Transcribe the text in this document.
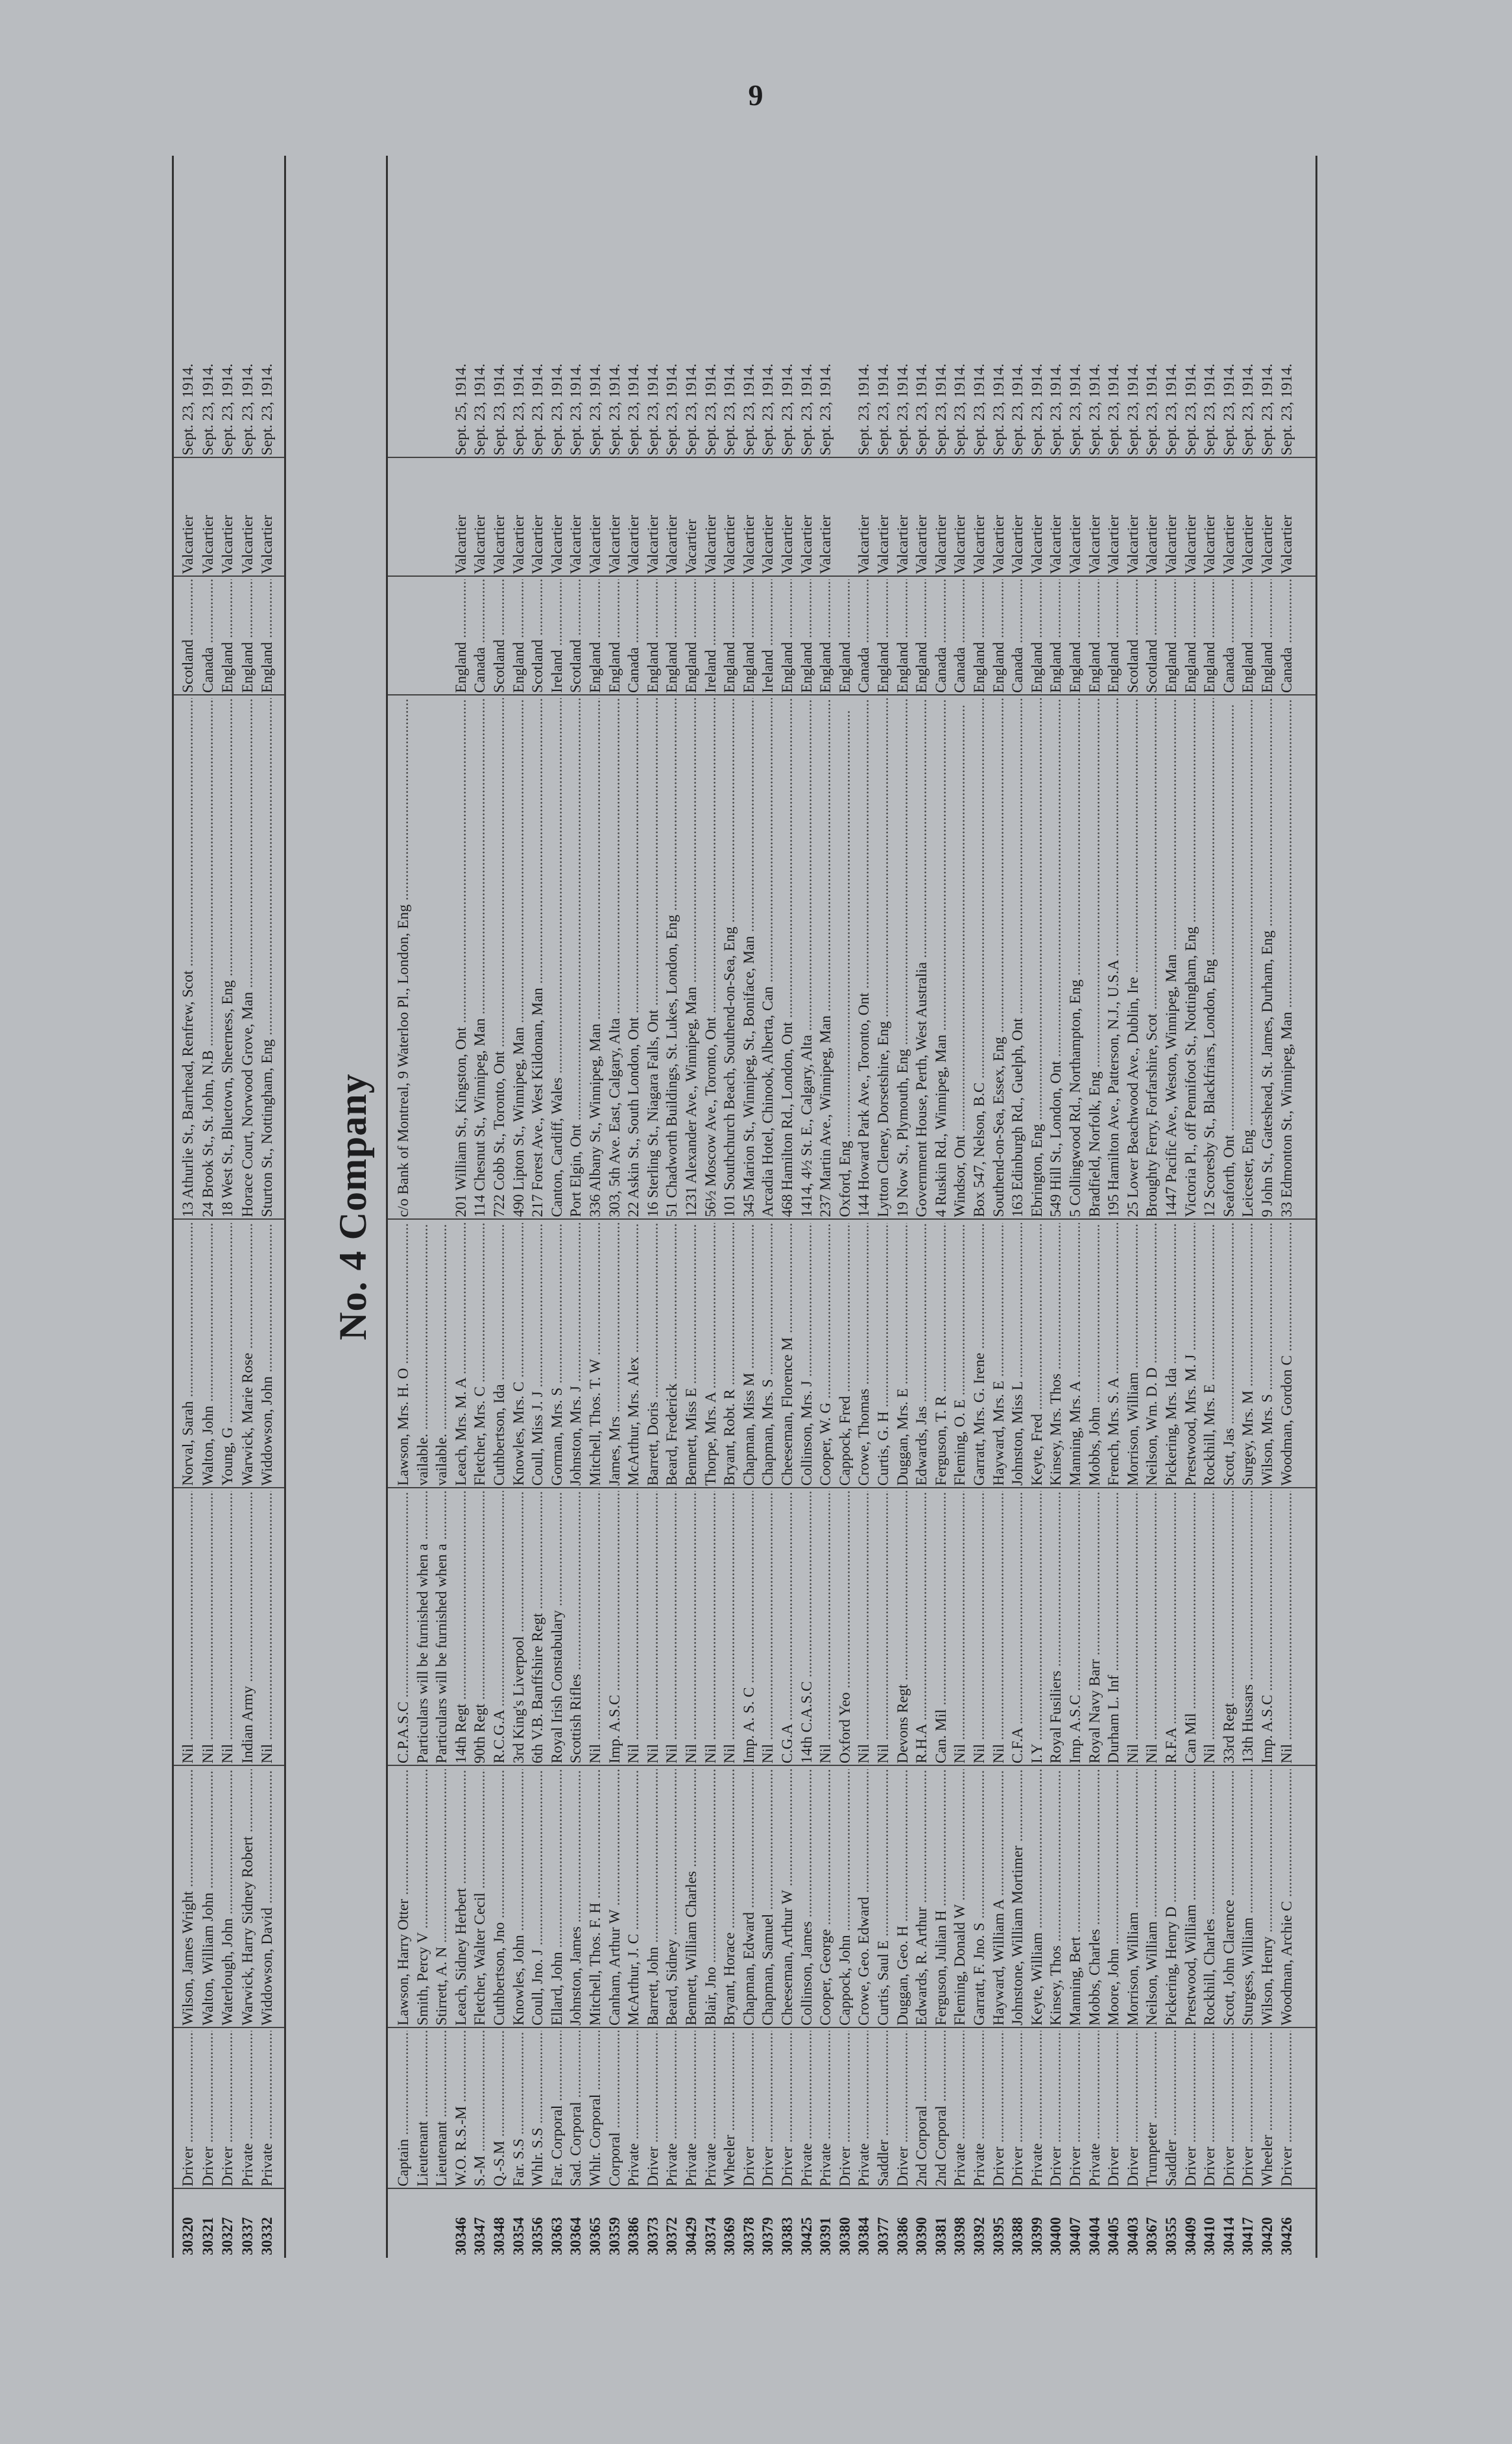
9
30320
Driver .....
Wilson, James Wright .....
Nil .....
Norval, Sarah .....
13 Athurlie St., Barrhead, Renfrew, Scot .....
Scotland .....
Valcartier
Sept. 23, 1914.
30321
Driver .....
Walton, William John .....
Nil .....
Walton, John .....
24 Brook St., St. John, N.B .....
Canada .....
Valcartier
Sept. 23, 1914.
30327
Driver .....
Waterlough, John .....
Nil .....
Young, G .....
18 West St., Bluetown, Sheerness, Eng .....
England .....
Valcartier
Sept. 23, 1914.
30337
Private .....
Warwick, Harry Sidney Robert .....
Indian Army .....
Warwick, Marie Rose .....
Horace Court, Norwood Grove, Man .....
England .....
Valcartier
Sept. 23, 1914.
30332
Private .....
Widdowson, David .....
Nil .....
Widdowson, John .....
Sturton St., Nottingham, Eng .....
England .....
Valcartier
Sept. 23, 1914.
No. 4 Company
Captain .....
Lawson, Harry Otter .....
C.P.A.S.C .....
Lawson, Mrs. H. O .....
c/o Bank of Montreal, 9 Waterloo Pl., London, Eng .....
Lieutenant .....
Smith, Percy V .....
Particulars will be furnished when a .....
vailable. .....
Lieutenant .....
Stirrett, A. N .....
Particulars will be furnished when a .....
vailable. .....
30346
W.O. R.S.-M .....
Leach, Sidney Herbert .....
14th Regt .....
Leach, Mrs. M. A .....
201 William St., Kingston, Ont .....
England .....
Valcartier
Sept. 25, 1914.
30347
S.-M .....
Fletcher, Walter Cecil .....
90th Regt .....
Fletcher, Mrs. C .....
114 Chesnut St., Winnipeg, Man .....
Canada .....
Valcartier
Sept. 23, 1914.
30348
Q.-S.M .....
Cuthbertson, Jno .....
R.C.G.A .....
Cuthbertson, Ida .....
722 Cobb St., Toronto, Ont .....
Scotland .....
Valcartier
Sept. 23, 1914.
30354
Far. S.S .....
Knowles, John .....
3rd King's Liverpool .....
Knowles, Mrs. C .....
490 Lipton St., Winnipeg, Man .....
England .....
Valcartier
Sept. 23, 1914.
30356
Whlr. S.S .....
Coull, Jno. J .....
6th V.B. Banffshire Regt .....
Coull, Miss J. J .....
217 Forest Ave., West Kildonan, Man .....
Scotland .....
Valcartier
Sept. 23, 1914.
30363
Far. Corporal .....
Ellard, John .....
Royal Irish Constabulary .....
Gorman, Mrs. S .....
Canton, Cardiff, Wales .....
Ireland .....
Valcartier
Sept. 23, 1914.
30364
Sad. Corporal .....
Johnston, James .....
Scottish Rifles .....
Johnston, Mrs. J .....
Port Elgin, Ont .....
Scotland .....
Valcartier
Sept. 23, 1914.
30365
Whlr. Corporal .....
Mitchell, Thos. F. H .....
Nil .....
Mitchell, Thos. T. W .....
336 Albany St., Winnipeg, Man .....
England .....
Valcartier
Sept. 23, 1914.
30359
Corporal .....
Canham, Arthur W .....
Imp. A.S.C .....
James, Mrs .....
303, 5th Ave. East, Calgary, Alta .....
England .....
Valcartier
Sept. 23, 1914.
30386
Private .....
McArthur, J. C .....
Nil .....
McArthur, Mrs. Alex .....
22 Askin St., South London, Ont .....
Canada .....
Valcartier
Sept. 23, 1914.
30373
Driver .....
Barrett, John .....
Nil .....
Barrett, Doris .....
16 Sterling St., Niagara Falls, Ont .....
England .....
Valcartier
Sept. 23, 1914.
30372
Private .....
Beard, Sidney .....
Nil .....
Beard, Frederick .....
51 Chadworth Buildings, St. Lukes, London, Eng .....
England .....
Valcartier
Sept. 23, 1914.
30429
Private .....
Bennett, William Charles .....
Nil .....
Bennett, Miss E .....
1231 Alexander Ave., Winnipeg, Man .....
England .....
Vacartier
Sept. 23, 1914.
30374
Private .....
Blair, Jno .....
Nil .....
Thorpe, Mrs. A .....
56½ Moscow Ave., Toronto, Ont .....
Ireland .....
Valcartier
Sept. 23, 1914.
30369
Wheeler .....
Bryant, Horace .....
Nil .....
Bryant, Robt. R .....
101 Southchurch Beach, Southend-on-Sea, Eng .....
England .....
Valcartier
Sept. 23, 1914.
30378
Driver .....
Chapman, Edward .....
Imp. A. S. C .....
Chapman, Miss M .....
345 Marion St., Winnipeg, St., Boniface, Man .....
England .....
Valcartier
Sept. 23, 1914.
30379
Driver .....
Chapman, Samuel .....
Nil .....
Chapman, Mrs. S .....
Arcadia Hotel, Chinook, Alberta, Can .....
Ireland .....
Valcartier
Sept. 23, 1914.
30383
Driver .....
Cheeseman, Arthur W .....
C.G.A .....
Cheeseman, Florence M .....
468 Hamilton Rd., London, Ont .....
England .....
Valcartier
Sept. 23, 1914.
30425
Private .....
Collinson, James .....
14th C.A.S.C .....
Collinson, Mrs. J .....
1414, 4½ St. E., Calgary, Alta .....
England .....
Valcartier
Sept. 23, 1914.
30391
Private .....
Cooper, George .....
Nil .....
Cooper, W. G .....
237 Martin Ave., Winnipeg, Man .....
England .....
Valcartier
Sept. 23, 1914.
30380
Driver .....
Cappock, John .....
Oxford Yeo .....
Cappock, Fred .....
Oxford, Eng .....
England .....
30384
Private .....
Crowe, Geo. Edward .....
Nil .....
Crowe, Thomas .....
144 Howard Park Ave., Toronto, Ont .....
Canada .....
Valcartier
Sept. 23, 1914.
30377
Saddler .....
Curtis, Saul E .....
Nil .....
Curtis, G. H .....
Lytton Cleney, Dorsetshire, Eng .....
England .....
Valcartier
Sept. 23, 1914.
30386
Driver .....
Duggan, Geo. H .....
Devons Regt .....
Duggan, Mrs. E .....
19 Now St., Plymouth, Eng .....
England .....
Valcartier
Sept. 23, 1914.
30390
2nd Corporal .....
Edwards, R. Arthur .....
R.H.A .....
Edwards, Jas .....
Government House, Perth, West Australia .....
England .....
Valcartier
Sept. 23, 1914.
30381
2nd Corporal .....
Ferguson, Julian H .....
Can. Mil .....
Ferguson, T. R .....
4 Ruskin Rd., Winnipeg, Man .....
Canada .....
Valcartier
Sept. 23, 1914.
30398
Private .....
Fleming, Donald W .....
Nil .....
Fleming, O. E .....
Windsor, Ont .....
Canada .....
Valcartier
Sept. 23, 1914.
30392
Private .....
Garratt, F. Jno. S .....
Nil .....
Garratt, Mrs. G. Irene .....
Box 547, Nelson, B.C .....
England .....
Valcartier
Sept. 23, 1914.
30395
Driver .....
Hayward, William A .....
Nil .....
Hayward, Mrs. E .....
Southend-on-Sea, Essex, Eng .....
England .....
Valcartier
Sept. 23, 1914.
30388
Driver .....
Johnstone, William Mortimer .....
C.F.A .....
Johnston, Miss L .....
163 Edinburgh Rd., Guelph, Ont .....
Canada .....
Valcartier
Sept. 23, 1914.
30399
Private .....
Keyte, William .....
I.Y .....
Keyte, Fred .....
Ebrington, Eng .....
England .....
Valcartier
Sept. 23, 1914.
30400
Driver .....
Kinsey, Thos .....
Royal Fusiliers .....
Kinsey, Mrs. Thos .....
549 Hill St., London, Ont .....
England .....
Valcartier
Sept. 23, 1914.
30407
Driver .....
Manning, Bert .....
Imp. A.S.C .....
Manning, Mrs. A .....
5 Collingwood Rd., Northampton, Eng .....
England .....
Valcartier
Sept. 23, 1914.
30404
Private .....
Mobbs, Charles .....
Royal Navy Barr .....
Mobbs, John .....
Bradfield, Norfolk, Eng .....
England .....
Valcartier
Sept. 23, 1914.
30405
Driver .....
Moore, John .....
Durham L. Inf .....
French, Mrs. S. A .....
195 Hamilton Ave., Patterson, N.J., U.S.A .....
England .....
Valcartier
Sept. 23, 1914.
30403
Driver .....
Morrison, William .....
Nil .....
Morrison, William .....
25 Lower Beachwood Ave., Dublin, Ire .....
Scotland .....
Valcartier
Sept. 23, 1914.
30367
Trumpeter .....
Neilson, William .....
Nil .....
Neilson, Wm. D. D .....
Broughty Ferry, Forfarshire, Scot .....
Scotland .....
Valcartier
Sept. 23, 1914.
30355
Saddler .....
Pickering, Henry D .....
R.F.A .....
Pickering, Mrs. Ida .....
1447 Pacific Ave., Weston, Winnipeg, Man .....
England .....
Valcartier
Sept. 23, 1914.
30409
Driver .....
Prestwood, William .....
Can Mil .....
Prestwood, Mrs. M. J .....
Victoria Pl., off Pennifoot St., Nottingham, Eng .....
England .....
Valcartier
Sept. 23, 1914.
30410
Driver .....
Rockhill, Charles .....
Nil .....
Rockhill, Mrs. E .....
12 Scoresby St., Blackfriars, London, Eng .....
England .....
Valcartier
Sept. 23, 1914.
30414
Driver .....
Scott, John Clarence .....
33rd Regt .....
Scott, Jas .....
Seaforth, Ont .....
Canada .....
Valcartier
Sept. 23, 1914.
30417
Driver .....
Sturgess, William .....
13th Hussars .....
Surgey, Mrs. M .....
Leicester, Eng .....
England .....
Valcartier
Sept. 23, 1914.
30420
Wheeler .....
Wilson, Henry .....
Imp. A.S.C .....
Wilson, Mrs. S .....
9 John St., Gateshead, St. James, Durham, Eng .....
England .....
Valcartier
Sept. 23, 1914.
30426
Driver .....
Woodman, Archie C .....
Nil .....
Woodman, Gordon C .....
33 Edmonton St., Winnipeg, Man .....
Canada .....
Valcartier
Sept. 23, 1914.
